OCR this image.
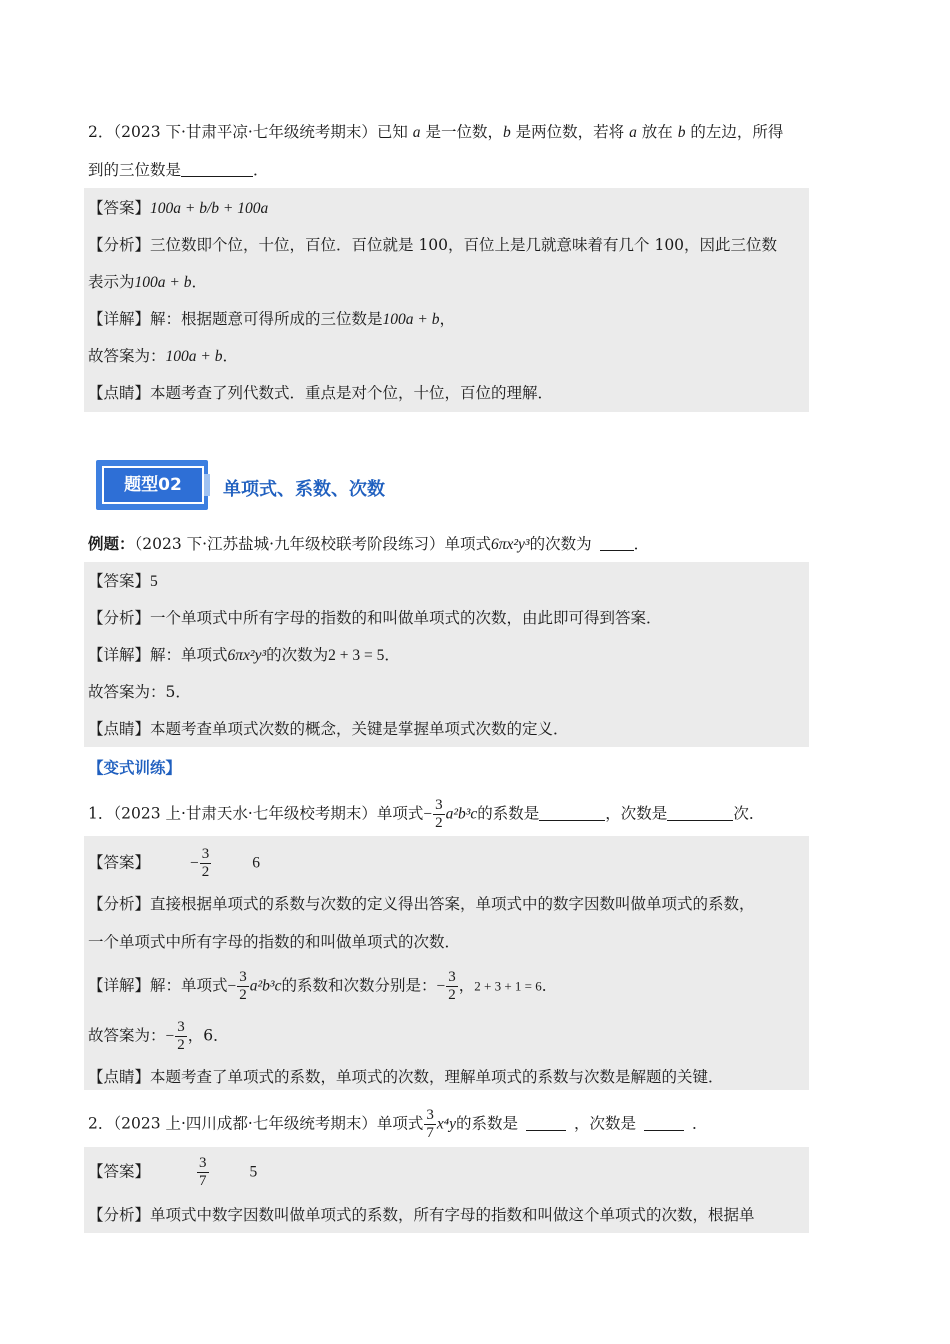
2．（2023 下·甘肃平凉·七年级统考期末）已知 a 是一位数，b 是两位数，若将 a 放在 b 的左边，所得
到的三位数是	．
【答案】100a + b/b + 100a
【分析】三位数即个位，十位，百位．百位就是 100，百位上是几就意味着有几个 100，因此三位数
表示为100a + b．
【详解】解：根据题意可得所成的三位数是100a + b，
故答案为：100a + b．
【点睛】本题考查了列代数式．重点是对个位，十位，百位的理解．
题型02	单项式、系数、次数
例题：（2023 下·江苏盐城·九年级校联考阶段练习）单项式6πx²y³的次数为	．
【答案】5
【分析】一个单项式中所有字母的指数的和叫做单项式的次数，由此即可得到答案．
【详解】解：单项式6πx²y³的次数为2 + 3 = 5．
故答案为：5．
【点睛】本题考查单项式次数的概念，关键是掌握单项式次数的定义．
【变式训练】
1．（2023 上·甘肃天水·七年级校考期末）单项式− $\frac{3}{2} a^2b^3c$的系数是	，次数是	次．
【答案】	− $\frac{3}{2}$	6
【分析】直接根据单项式的系数与次数的定义得出答案，单项式中的数字因数叫做单项式的系数，
一个单项式中所有字母的指数的和叫做单项式的次数．
【详解】解：单项式− $\frac{3}{2} a^2b^3c$的系数和次数分别是：− $\frac{3}{2}$ ，2 + 3 + 1 = 6．
故答案为：− $\frac{3}{2}$ ，6．
【点睛】本题考查了单项式的系数，单项式的次数，理解单项式的系数与次数是解题的关键．
2．（2023 上·四川成都·七年级统考期末）单项式 $\frac{3}{7} x^4y$的系数是	，次数是	．
【答案】	$\frac{3}{7}$	5
【分析】单项式中数字因数叫做单项式的系数，所有字母的指数和叫做这个单项式的次数，根据单
